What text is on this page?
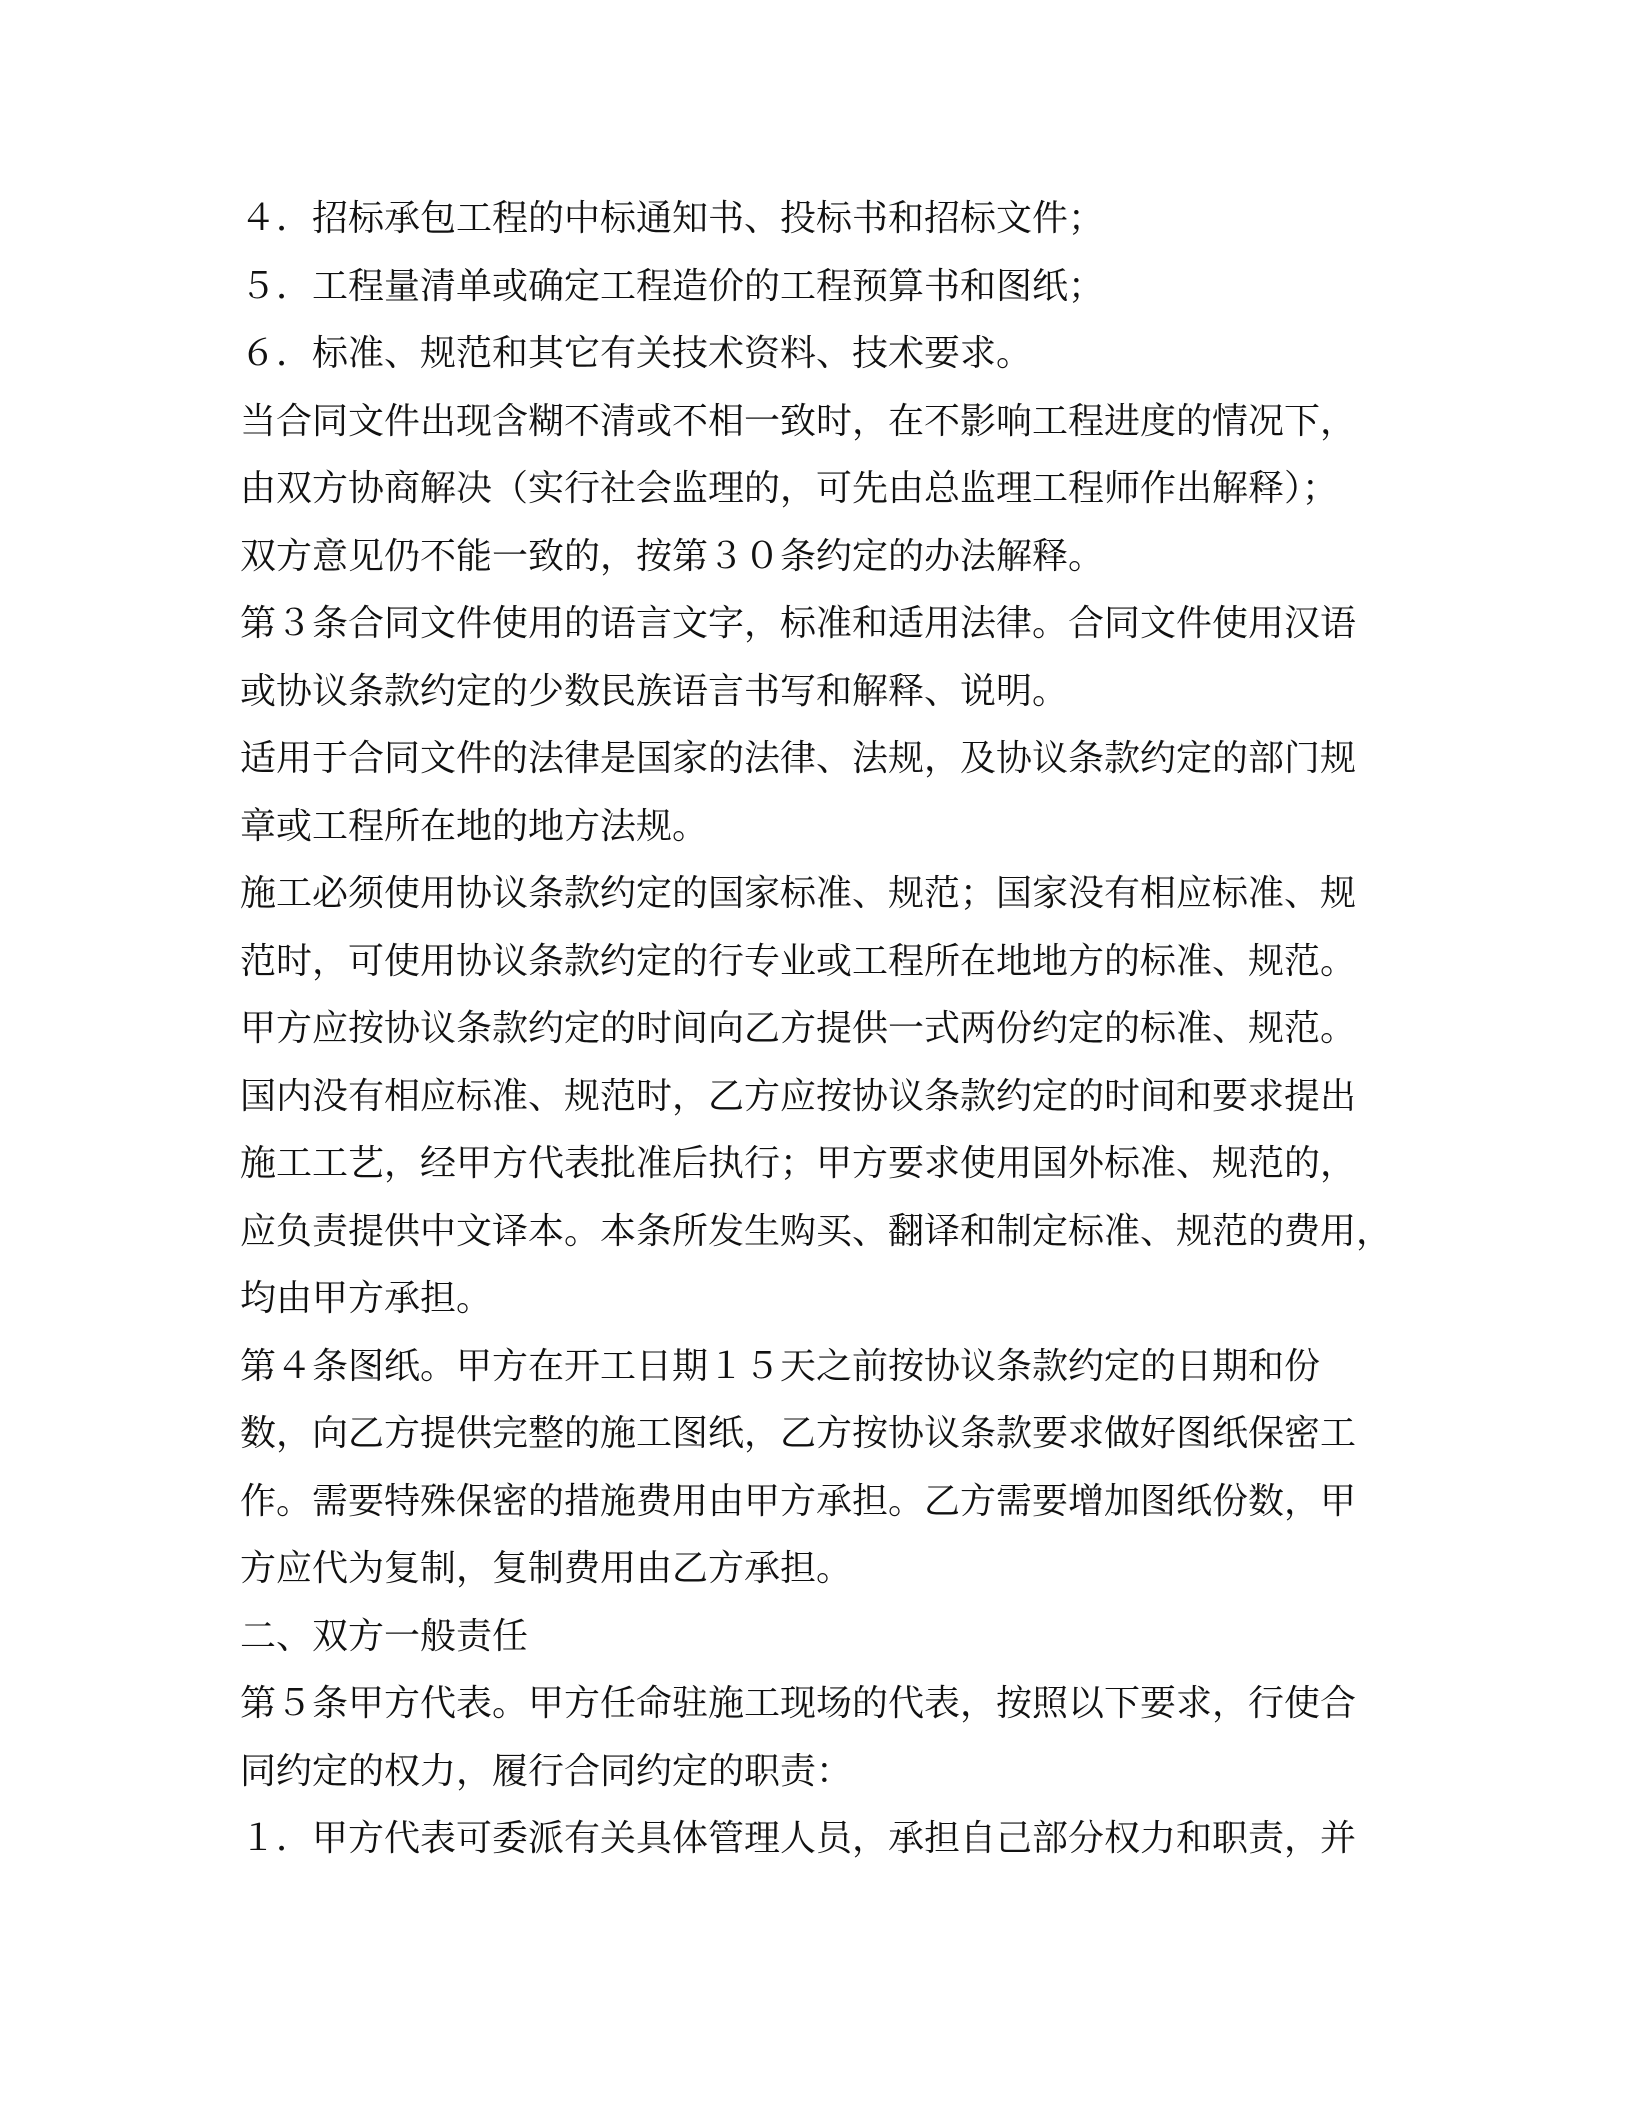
４．招标承包工程的中标通知书、投标书和招标文件；
５．工程量清单或确定工程造价的工程预算书和图纸；
６．标准、规范和其它有关技术资料、技术要求。
当合同文件出现含糊不清或不相一致时，在不影响工程进度的情况下，
由双方协商解决（实行社会监理的，可先由总监理工程师作出解释）；
双方意见仍不能一致的，按第３０条约定的办法解释。
第３条合同文件使用的语言文字，标准和适用法律。合同文件使用汉语
或协议条款约定的少数民族语言书写和解释、说明。
适用于合同文件的法律是国家的法律、法规，及协议条款约定的部门规
章或工程所在地的地方法规。
施工必须使用协议条款约定的国家标准、规范；国家没有相应标准、规
范时，可使用协议条款约定的行专业或工程所在地地方的标准、规范。
甲方应按协议条款约定的时间向乙方提供一式两份约定的标准、规范。
国内没有相应标准、规范时，乙方应按协议条款约定的时间和要求提出
施工工艺，经甲方代表批准后执行；甲方要求使用国外标准、规范的，
应负责提供中文译本。本条所发生购买、翻译和制定标准、规范的费用，
均由甲方承担。
第４条图纸。甲方在开工日期１５天之前按协议条款约定的日期和份
数，向乙方提供完整的施工图纸，乙方按协议条款要求做好图纸保密工
作。需要特殊保密的措施费用由甲方承担。乙方需要增加图纸份数，甲
方应代为复制，复制费用由乙方承担。
二、双方一般责任
第５条甲方代表。甲方任命驻施工现场的代表，按照以下要求，行使合
同约定的权力，履行合同约定的职责：
１．甲方代表可委派有关具体管理人员，承担自己部分权力和职责，并
